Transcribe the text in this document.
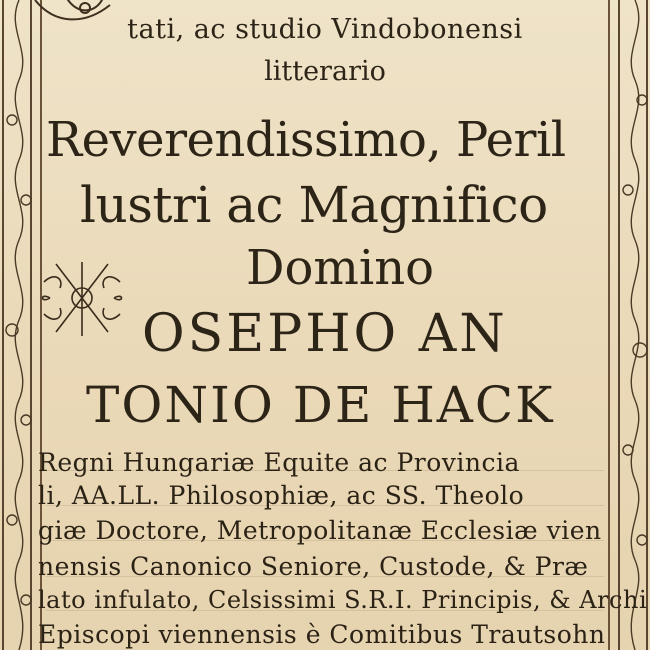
tati, ac studio Vindobonensi
litterario
Reverendissimo, Peril
lustri ac Magnifico
Domino
OSEPHO AN
TONIO DE HACK
Regni Hungariæ Equite ac Provincia
li, AA.LL. Philosophiæ, ac SS. Theolo
giæ Doctore, Metropolitanæ Ecclesiæ vien
nensis Canonico Seniore, Custode, & Præ
lato infulato, Celsissimi S.R.I. Principis, & Archi
Episcopi viennensis è Comitibus Trautsohn
